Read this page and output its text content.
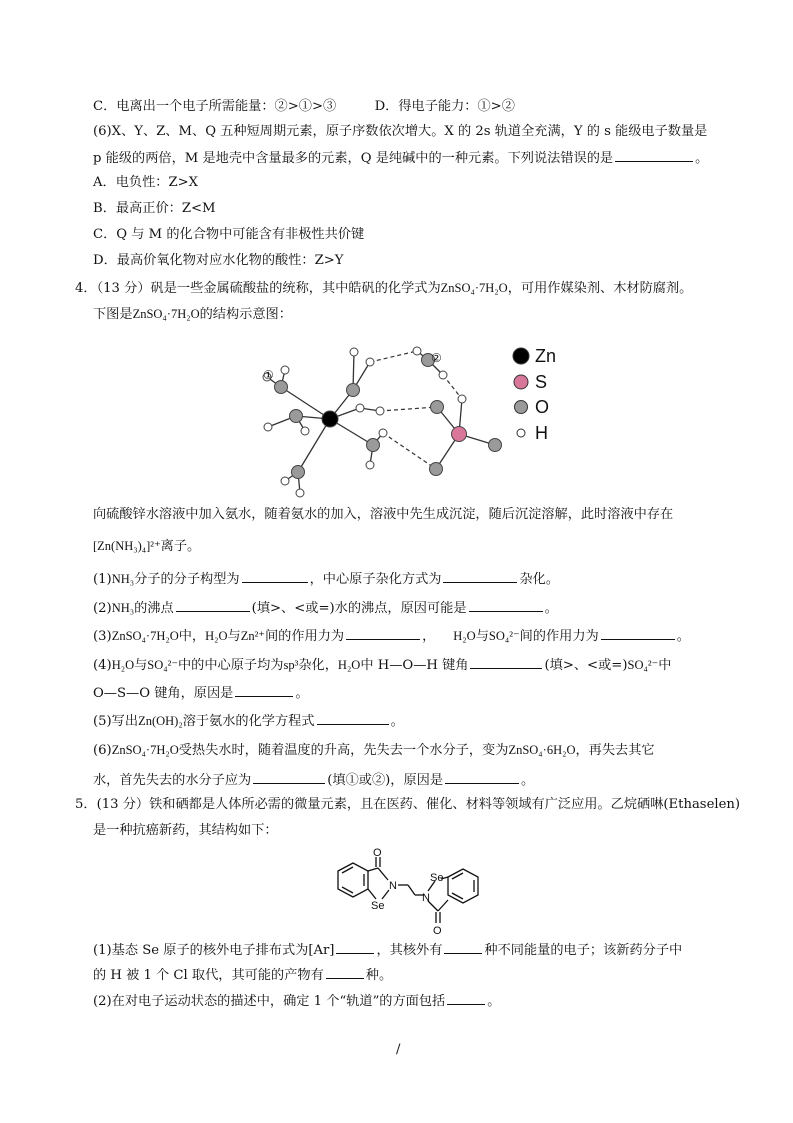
C．电离出一个电子所需能量：②>①>③	D．得电子能力：①>②
(6)X、Y、Z、M、Q 五种短周期元素，原子序数依次增大。X 的 2s 轨道全充满，Y 的 s 能级电子数量是
p 能级的两倍，M 是地壳中含量最多的元素，Q 是纯碱中的一种元素。下列说法错误的是	。
A．电负性：Z>X
B．最高正价：Z<M
C．Q 与 M 的化合物中可能含有非极性共价键
D．最高价氧化物对应水化物的酸性：Z>Y
4．（13 分）矾是一些金属硫酸盐的统称，其中皓矾的化学式为ZnSO₄·7H₂O，可用作媒染剂、木材防腐剂。
下图是ZnSO₄·7H₂O的结构示意图：
①
②	Zn
S
O
H
向硫酸锌水溶液中加入氨水，随着氨水的加入，溶液中先生成沉淀，随后沉淀溶解，此时溶液中存在
[Zn(NH₃)₄]²⁺离子。
(1)NH₃分子的分子构型为	，中心原子杂化方式为	杂化。
(2)NH₃的沸点	(填>、<或=)水的沸点，原因可能是	。
(3)ZnSO₄·7H₂O中，H₂O与Zn²⁺间的作用力为	， H₂O与SO₄²⁻间的作用力为	。
(4)H₂O与SO₄²⁻中的中心原子均为sp³杂化，H₂O中 H—O—H 键角	(填>、<或=)SO₄²⁻中
O—S—O 键角，原因是	。
(5)写出Zn(OH)₂溶于氨水的化学方程式	。
(6)ZnSO₄·7H₂O受热失水时，随着温度的升高，先失去一个水分子，变为ZnSO₄·6H₂O，再失去其它
水，首先失去的水分子应为	(填①或②)，原因是	。
5．(13 分）铁和硒都是人体所必需的微量元素，且在医药、催化、材料等领域有广泛应用。乙烷硒啉(Ethaselen)
是一种抗癌新药，其结构如下：
O
N
Se
Se
N
O
(1)基态 Se 原子的核外电子排布式为[Ar]	，其核外有	种不同能量的电子；该新药分子中
的 H 被 1 个 Cl 取代，其可能的产物有	种。
(2)在对电子运动状态的描述中，确定 1 个“轨道”的方面包括	。
/
